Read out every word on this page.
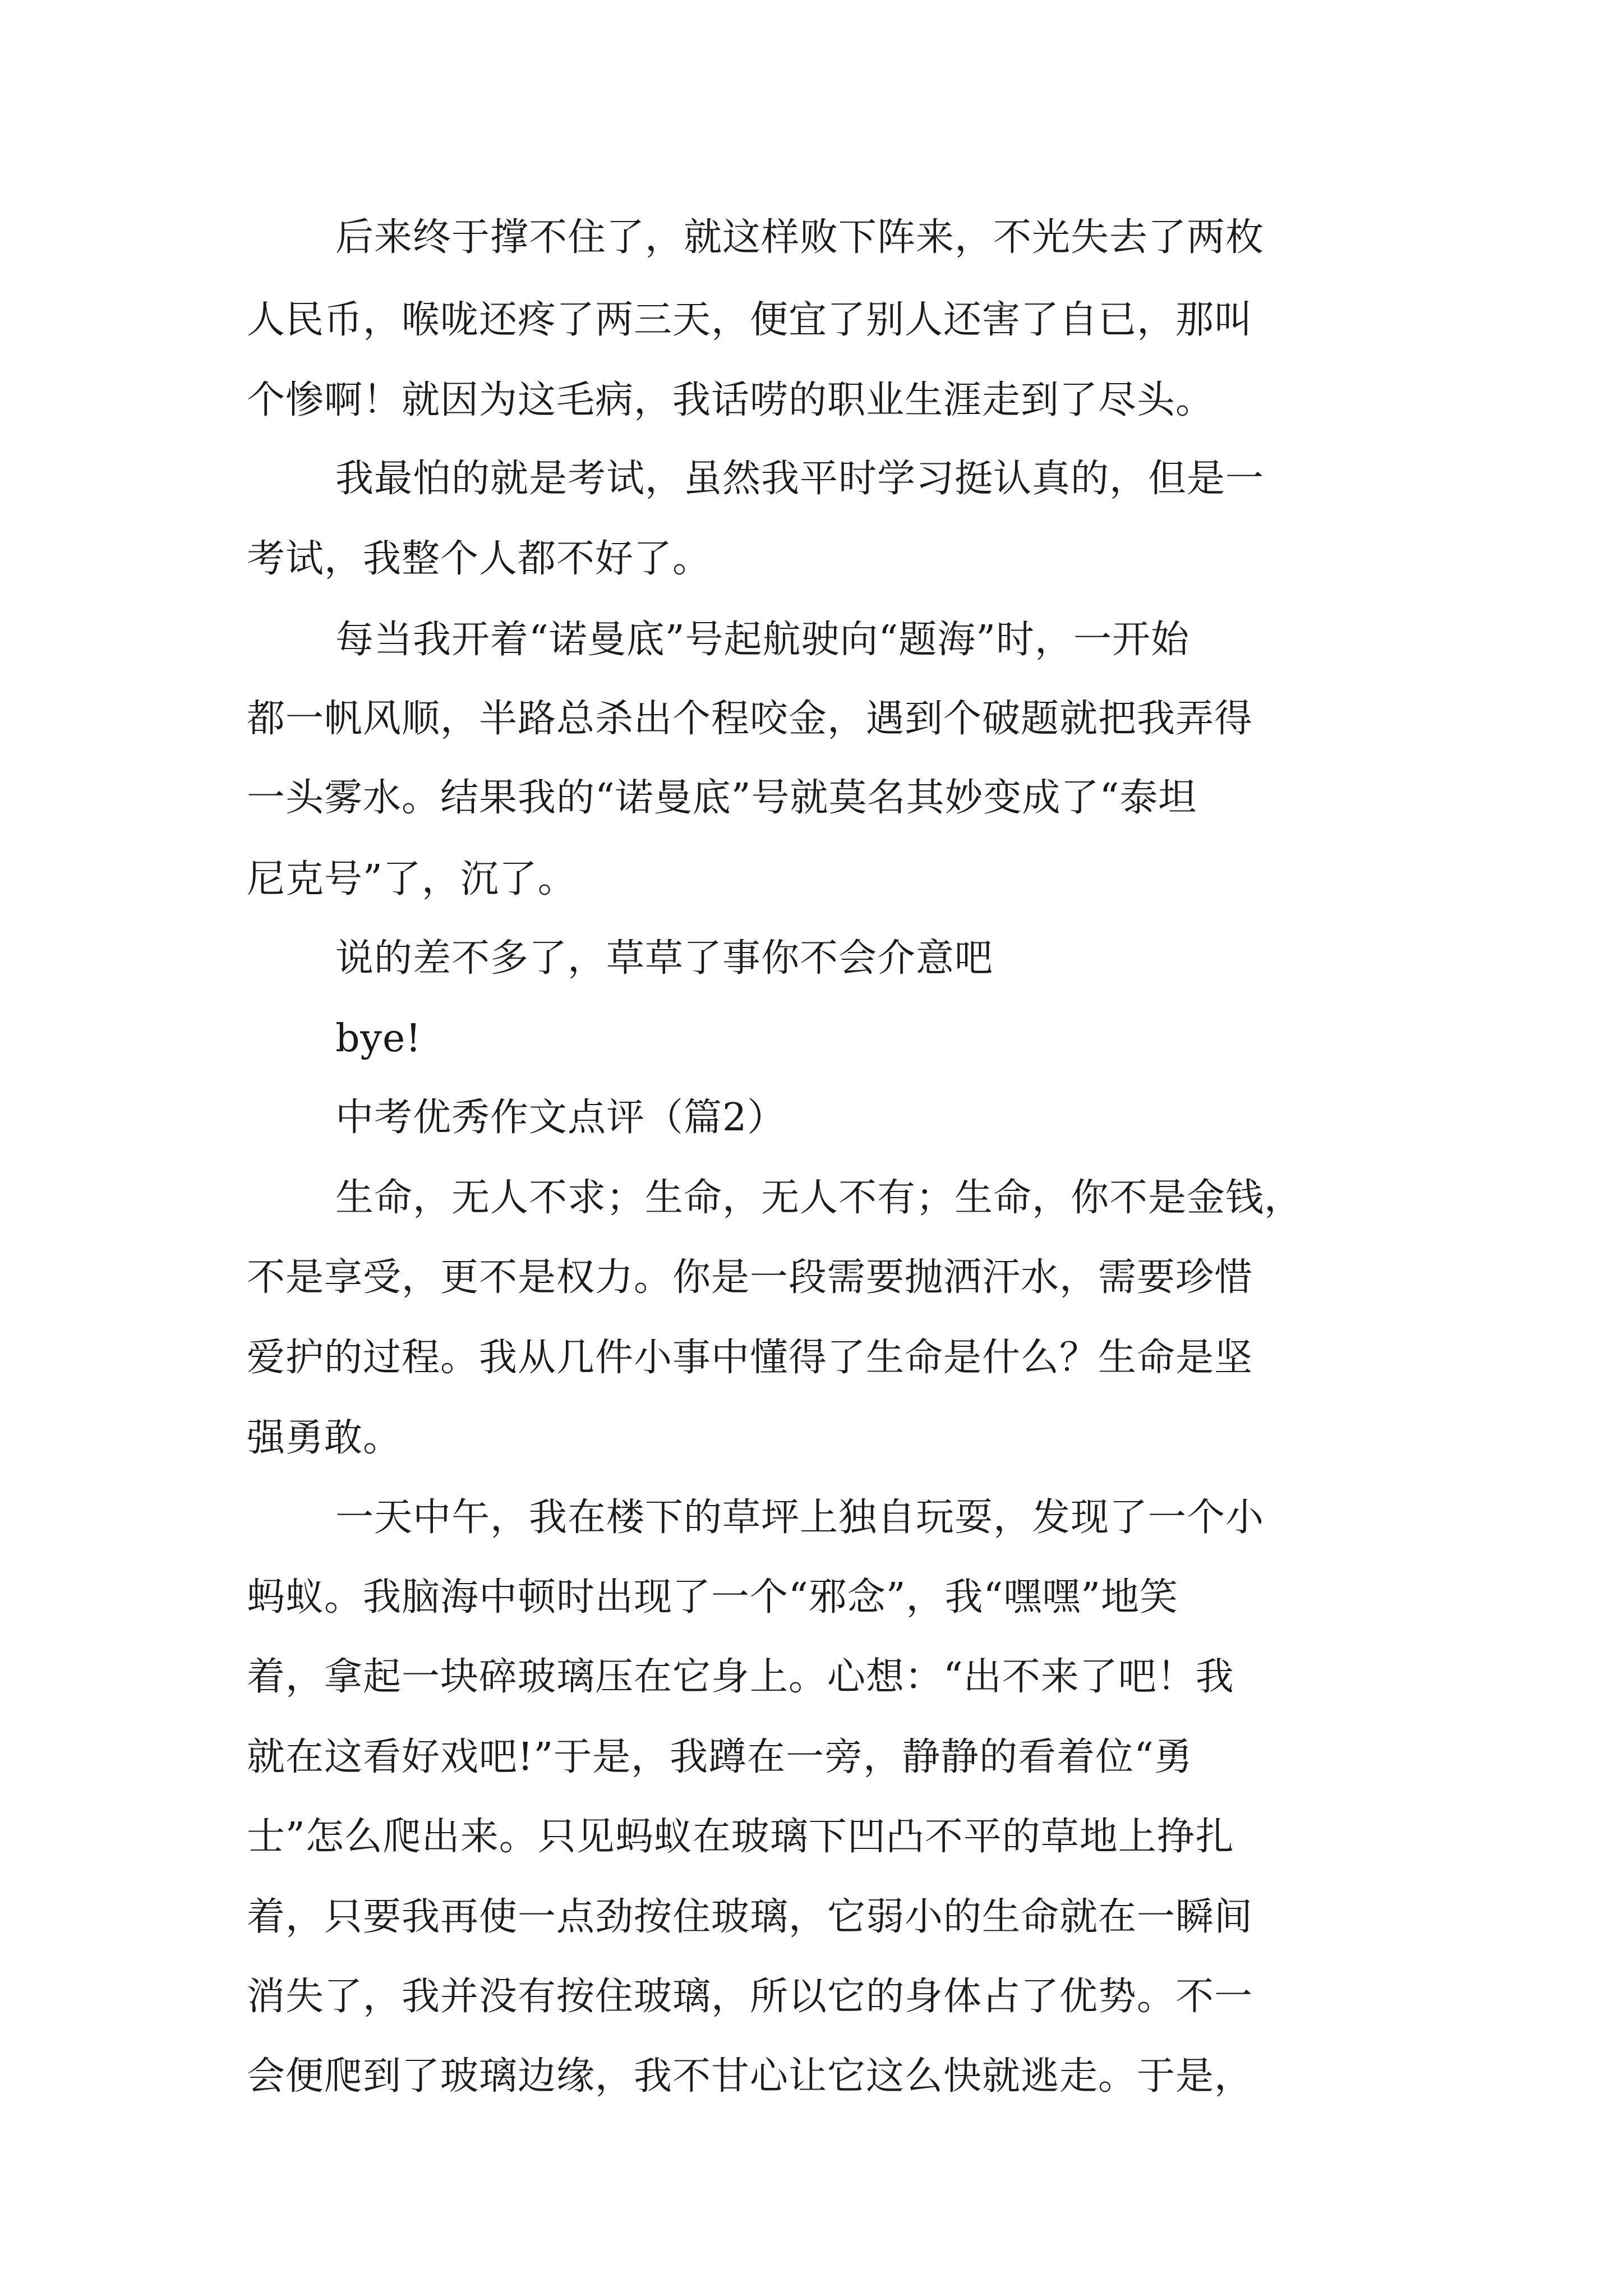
后来终于撑不住了，就这样败下阵来，不光失去了两枚
人民币，喉咙还疼了两三天，便宜了别人还害了自已，那叫
个惨啊！就因为这毛病，我话唠的职业生涯走到了尽头。
我最怕的就是考试，虽然我平时学习挺认真的，但是一
考试，我整个人都不好了。
每当我开着“诺曼底”号起航驶向“题海”时，一开始
都一帆风顺，半路总杀出个程咬金，遇到个破题就把我弄得
一头雾水。结果我的“诺曼底”号就莫名其妙变成了“泰坦
尼克号”了，沉了。
说的差不多了，草草了事你不会介意吧
bye!
中考优秀作文点评（篇2）
生命，无人不求；生命，无人不有；生命，你不是金钱，
不是享受，更不是权力。你是一段需要抛洒汗水，需要珍惜
爱护的过程。我从几件小事中懂得了生命是什么？生命是坚
强勇敢。
一天中午，我在楼下的草坪上独自玩耍，发现了一个小
蚂蚁。我脑海中顿时出现了一个“邪念”，我“嘿嘿”地笑
着，拿起一块碎玻璃压在它身上。心想：“出不来了吧！我
就在这看好戏吧!”于是，我蹲在一旁，静静的看着位“勇
士”怎么爬出来。只见蚂蚁在玻璃下凹凸不平的草地上挣扎
着，只要我再使一点劲按住玻璃，它弱小的生命就在一瞬间
消失了，我并没有按住玻璃，所以它的身体占了优势。不一
会便爬到了玻璃边缘，我不甘心让它这么快就逃走。于是，
